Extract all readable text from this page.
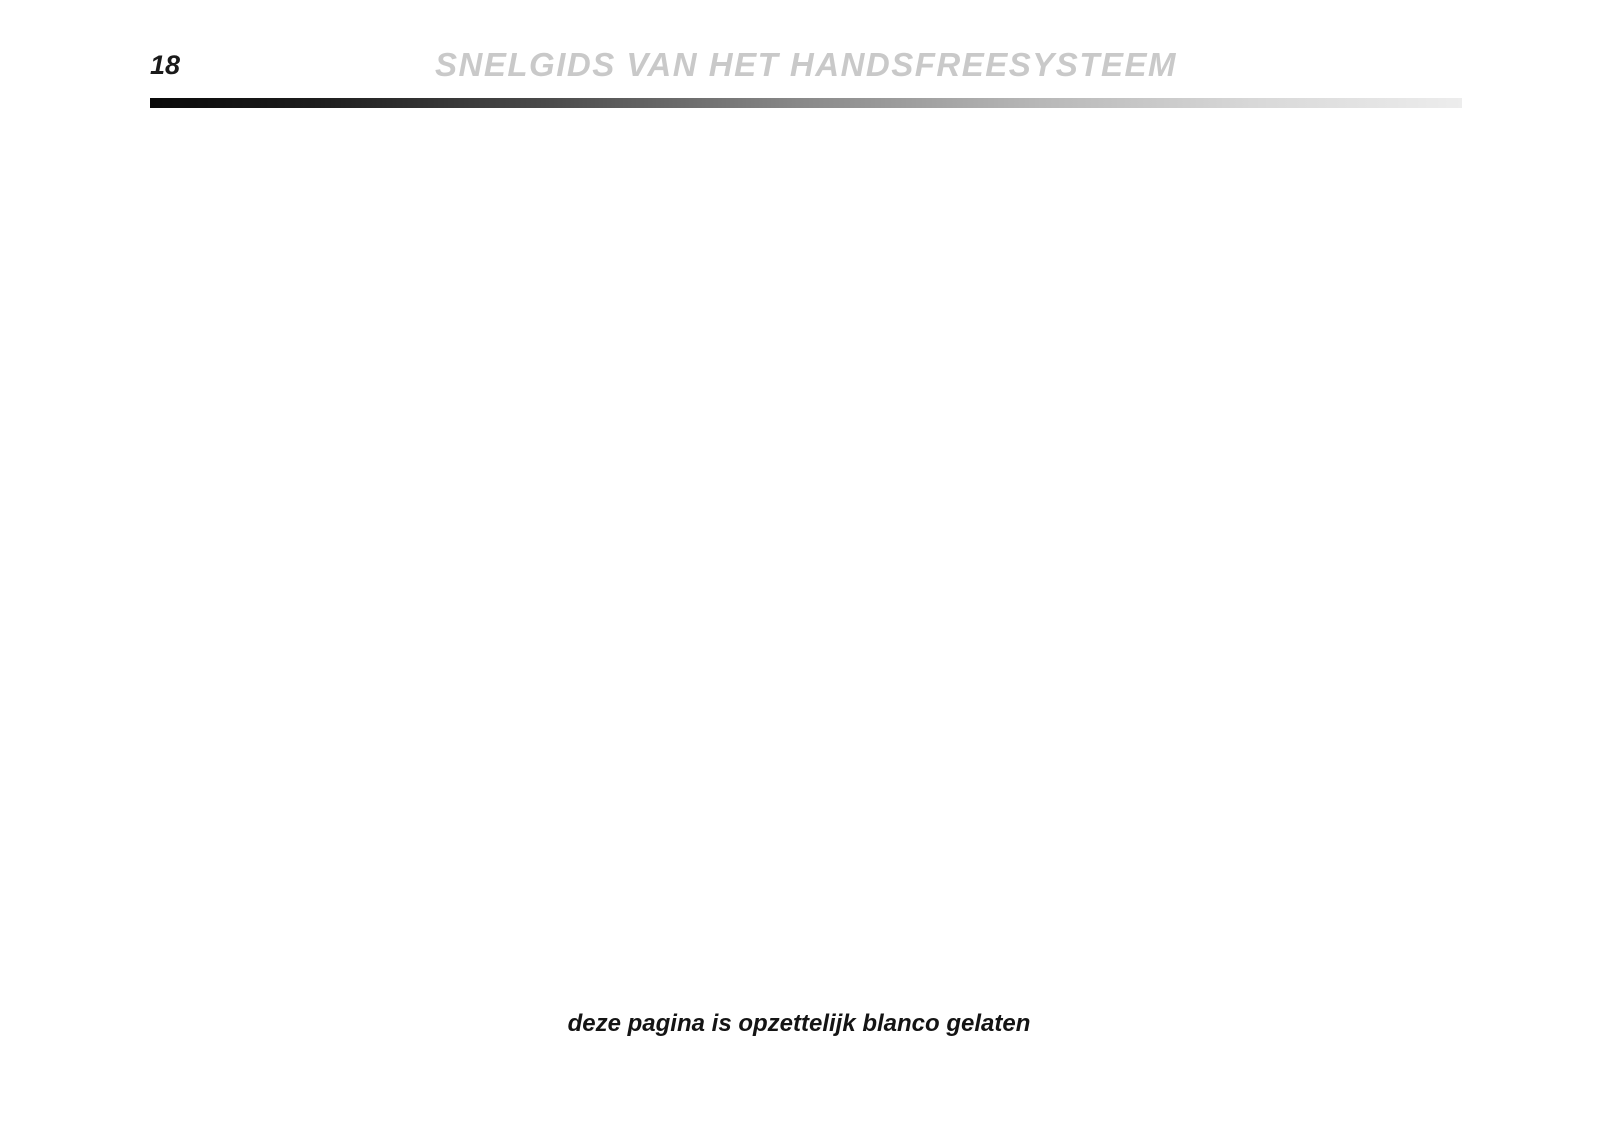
18	SNELGIDS VAN HET HANDSFREESYSTEEM
deze pagina is opzettelijk blanco gelaten
